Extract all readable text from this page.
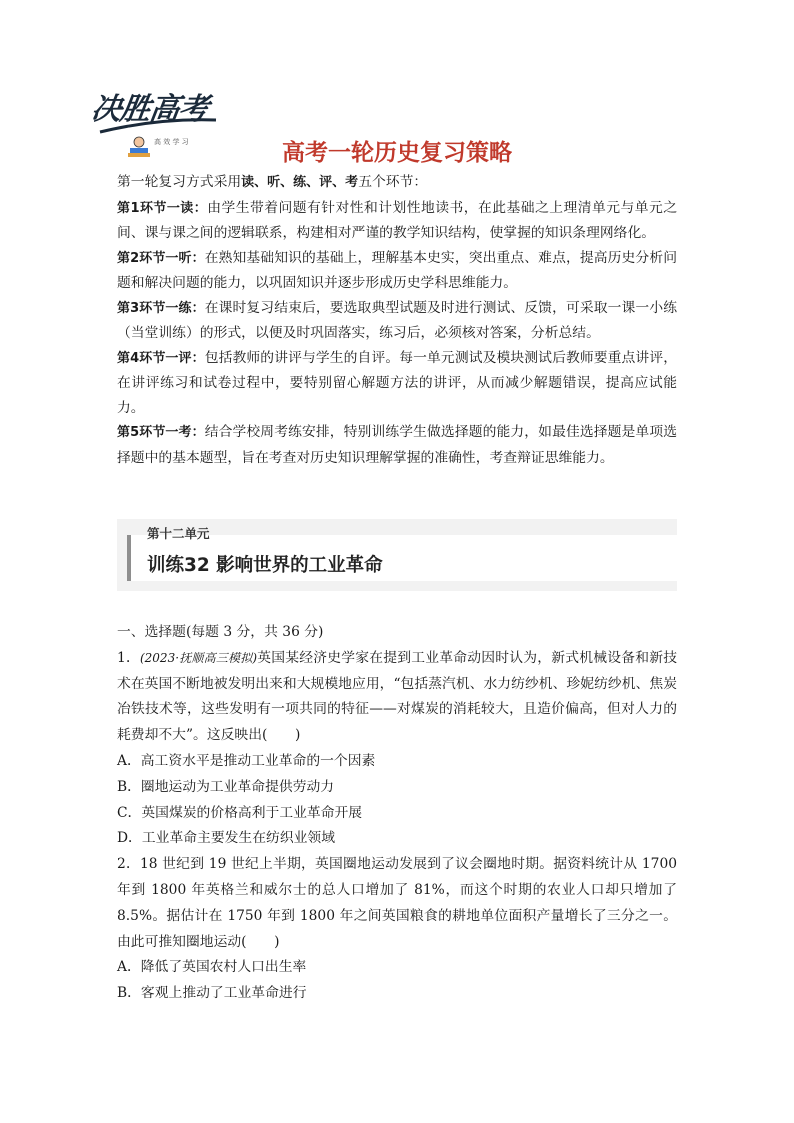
决胜高考
高 效 学 习	高考一轮历史复习策略

第一轮复习方式采用读、听、练、评、考五个环节：

第1环节一读：由学生带着问题有针对性和计划性地读书，在此基础之上理清单元与单元之间、课与课之间的逻辑联系，构建相对严谨的教学知识结构，使掌握的知识条理网络化。

第2环节一听：在熟知基础知识的基础上，理解基本史实，突出重点、难点，提高历史分析问题和解决问题的能力，以巩固知识并逐步形成历史学科思维能力。

第3环节一练：在课时复习结束后，要选取典型试题及时进行测试、反馈，可采取一课一小练（当堂训练）的形式，以便及时巩固落实，练习后，必须核对答案，分析总结。

第4环节一评：包括教师的讲评与学生的自评。每一单元测试及模块测试后教师要重点讲评，在讲评练习和试卷过程中，要特别留心解题方法的讲评，从而减少解题错误，提高应试能力。

第5环节一考：结合学校周考练安排，特别训练学生做选择题的能力，如最佳选择题是单项选择题中的基本题型，旨在考查对历史知识理解掌握的准确性，考查辩证思维能力。

第十二单元
训练32 影响世界的工业革命

一、选择题(每题 3 分，共 36 分)

1．(2023·抚顺高三模拟)英国某经济史学家在提到工业革命动因时认为，新式机械设备和新技术在英国不断地被发明出来和大规模地应用，“包括蒸汽机、水力纺纱机、珍妮纺纱机、焦炭冶铁技术等，这些发明有一项共同的特征——对煤炭的消耗较大，且造价偏高，但对人力的耗费却不大”。这反映出(　　)

A．高工资水平是推动工业革命的一个因素

B．圈地运动为工业革命提供劳动力

C．英国煤炭的价格高利于工业革命开展

D．工业革命主要发生在纺织业领域

2．18 世纪到 19 世纪上半期，英国圈地运动发展到了议会圈地时期。据资料统计从 1700 年到 1800 年英格兰和威尔士的总人口增加了 81%，而这个时期的农业人口却只增加了 8.5%。据估计在 1750 年到 1800 年之间英国粮食的耕地单位面积产量增长了三分之一。由此可推知圈地运动(　　)

A．降低了英国农村人口出生率

B．客观上推动了工业革命进行
